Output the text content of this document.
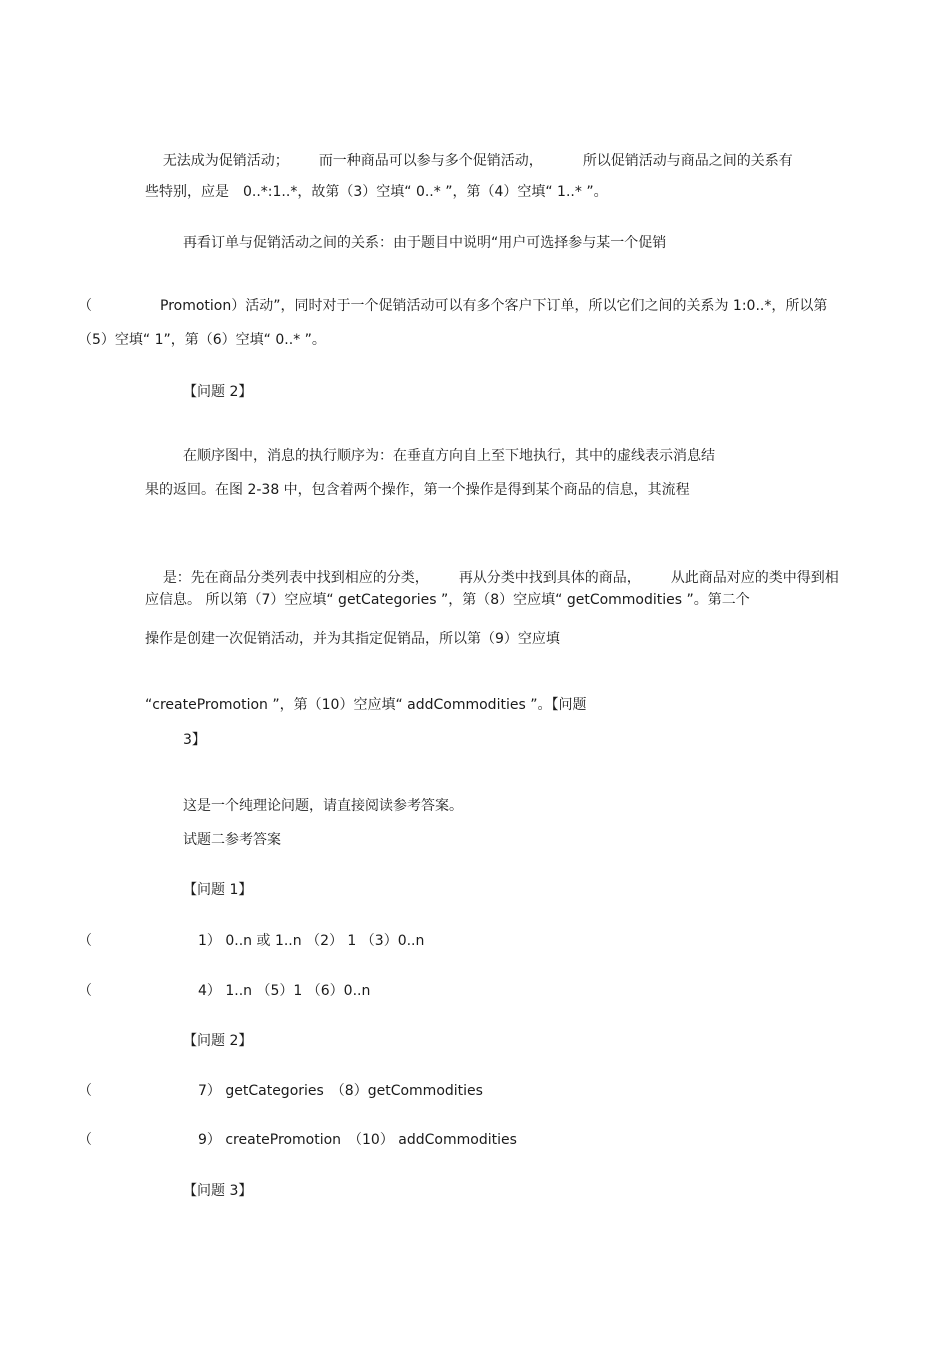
无法成为促销活动； 而一种商品可以参与多个促销活动，	所以促销活动与商品之间的关系有

些特别，应是　0..*:1..*，故第（3）空填“ 0..* ”，第（4）空填“ 1..* ”。
再看订单与促销活动之间的关系：由于题目中说明“用户可选择参与某一个促销
（	Promotion）活动”，同时对于一个促销活动可以有多个客户下订单，所以它们之间的关系为 1:0..*，所以第
（5）空填“ 1”，第（6）空填“ 0..* ”。
【问题 2】
在顺序图中，消息的执行顺序为：在垂直方向自上至下地执行，其中的虚线表示消息结
果的返回。在图 2-38 中，包含着两个操作，第一个操作是得到某个商品的信息，其流程

是：先在商品分类列表中找到相应的分类， 再从分类中找到具体的商品， 从此商品对应的类中得到相

应信息。 所以第（7）空应填“ getCategories ”，第（8）空应填“ getCommodities ”。第二个
操作是创建一次促销活动，并为其指定促销品，所以第（9）空应填
“createPromotion ”，第（10）空应填“ addCommodities ”。【问题
3】
这是一个纯理论问题，请直接阅读参考答案。
试题二参考答案
【问题 1】
（	1） 0..n 或 1..n （2） 1 （3）0..n
（	4） 1..n （5）1 （6）0..n
【问题 2】
（	7） getCategories　（8）getCommodities
（	9） createPromotion　（10） addCommodities
【问题 3】
